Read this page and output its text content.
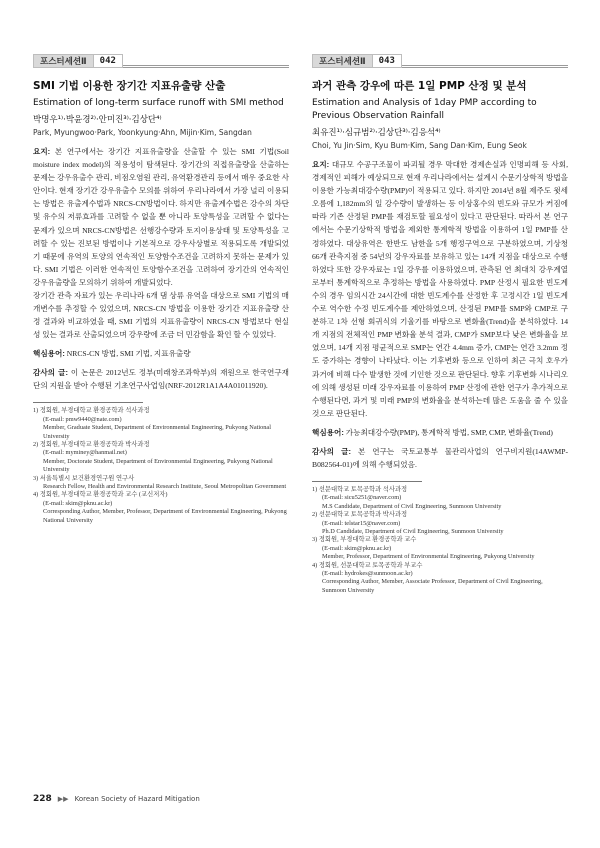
포스터세션Ⅱ	042
SMI 기법 이용한 장기간 지표유출량 산출
Estimation of long-term surface runoff with SMI method
박명우¹⁾·박윤경²⁾·안미진³⁾·김상단⁴⁾
Park, Myungwoo·Park, Yoonkyung·Ahn, Mijin·Kim, Sangdan

요지: 본 연구에서는 장기간 지표유출량을 산출할 수 있는 SMI 기법(Soil moisture index model)의 적용성이 탐색된다. 장기간의 직접유출량을 산출하는 문제는 강우유출수 관리, 비점오염원 관리, 유역환경관리 등에서 매우 중요한 사안이다. 현재 장기간 강우유출수 모의를 위하여 우리나라에서 가장 널리 이용되는 방법은 유출계수법과 NRCS-CN방법이다. 하지만 유출계수법은 강수의 차단 및 유수의 저류효과를 고려할 수 없을 뿐 아니라 토양특성을 고려할 수 없다는 문제가 있으며 NRCS-CN방법은 선행강수량과 토지이용상태 및 토양특성을 고려할 수 있는 진보된 방법이나 기본적으로 강우사상별로 적용되도록 개발되었기 때문에 유역의 토양의 연속적인 토양함수조건을 고려하지 못하는 문제가 있다. SMI 기법은 이러한 연속적인 토양함수조건을 고려하여 장기간의 연속적인 강우유출량을 모의하기 위하여 개발되었다.

장기간 관측 자료가 있는 우리나라 6개 댐 상류 유역을 대상으로 SMI 기법의 매개변수를 추정할 수 있었으며, NRCS-CN 방법을 이용한 장기간 지표유출량 산정 결과와 비교하였을 때, SMI 기법의 지표유출량이 NRCS-CN 방법보다 현실성 있는 결과로 산출되었으며 강우량에 조금 더 민감함을 확인 할 수 있었다.

핵심용어: NRCS-CN 방법, SMI 기법, 지표유출량
감사의 글: 이 논문은 2012년도 정부(미래창조과학부)의 재원으로 한국연구재단의 지원을 받아 수행된 기초연구사업임(NRF-2012R1A1A4A01011920).
1) 정회원, 부경대학교 환경공학과 석사과정
(E-mail: pmw9440@nate.com)
Member, Graduate Student, Department of Environmental Engineering, Pukyong National University
2) 정회원, 부경대학교 환경공학과 박사과정
(E-mail: myminey@hanmail.net)
Member, Doctorate Student, Department of Environmental Engineering, Pukyong National University
3) 서울특별시 보건환경연구원 연구사
Research Fellow, Health and Environmental Research Institute, Seoul Metropolitan Government
4) 정회원, 부경대학교 환경공학과 교수 (교신저자)
(E-mail: skim@pknu.ac.kr)
Corresponding Author, Member, Professor, Department of Environmental Engineering, Pukyong National University
포스터세션Ⅱ	043
과거 관측 강우에 따른 1일 PMP 산정 및 분석
Estimation and Analysis of 1day PMP according to Previous Observation Rainfall
최유진¹⁾·심규범²⁾·김상단³⁾·김응석⁴⁾
Choi, Yu Jin·Sim, Kyu Bum·Kim, Sang Dan·Kim, Eung Seok

요지: 대규모 수공구조물이 파괴될 경우 막대한 경제손실과 인명피해 등 사회, 경제적인 피해가 예상되므로 현재 우리나라에서는 설계시 수문기상학적 방법을 이용한 가능최대강수량(PMP)이 적용되고 있다. 하지만 2014년 8월 제주도 윗세오름에 1,182mm의 일 강수량이 발생하는 등 이상홍수의 빈도와 규모가 커짐에 따라 기존 산정된 PMP를 재검토할 필요성이 있다고 판단된다. 따라서 본 연구에서는 수문기상학적 방법을 제외한 통계학적 방법을 이용하여 1일 PMP를 산정하였다. 대상유역은 한반도 남한을 5개 행정구역으로 구분하였으며, 기상청 66개 관측지점 중 54년의 강우자료를 보유하고 있는 14개 지점을 대상으로 수행하였다 또한 강우자료는 1일 강우를 이용하였으며, 관측된 연 최대치 강우계열로부터 통계학적으로 추정하는 방법을 사용하였다. PMP 산정시 필요한 빈도계수의 경우 임의시간 24시간에 대한 빈도계수를 산정한 후 고정시간 1일 빈도계수로 역수한 수정 빈도계수를 제안하였으며, 산정된 PMP를 SMP와 CMP로 구분하고 1차 선형 회귀식의 기울기를 바탕으로 변화율(Trend)을 분석하였다. 14개 지점의 전체적인 PMP 변화율 분석 결과, CMP가 SMP보다 낮은 변화율을 보였으며, 14개 지점 평균적으로 SMP는 연간 4.4mm 증가, CMP는 연간 3.2mm 정도 증가하는 경향이 나타났다. 이는 기후변화 등으로 인하여 최근 극치 호우가 과거에 비해 다수 발생한 것에 기인한 것으로 판단된다. 향후 기후변화 시나리오에 의해 생성된 미래 강우자료를 이용하여 PMP 산정에 관한 연구가 추가적으로 수행된다면, 과거 및 미래 PMP의 변화율을 분석하는데 많은 도움을 줄 수 있을 것으로 판단된다.

핵심용어: 가능최대강수량(PMP), 통계학적 방법, SMP, CMP, 변화율(Trend)
감사의 글: 본 연구는 국토교통부 물관리사업의 연구비지원(14AWMP-B082564-01)에 의해 수행되었음.
1) 선문대학교 토목공학과 석사과정
(E-mail: sicu5251@naver.com)
M.S Candidate, Department of Civil Engineering, Sunmoon University
2) 선문대학교 토목공학과 박사과정
(E-mail: telstar15@naver.com)
Ph.D Candidate, Department of Civil Engineering, Sunmoon University
3) 정회원, 부경대학교 환경공학과 교수
(E-mail: skim@pknu.ac.kr)
Member, Professor, Department of Environmental Engineering, Pukyong University
4) 정회원, 선문대학교 토목공학과 부교수
(E-mail: hydrokes@sunmoon.ac.kr)
Corresponding Author, Member, Associate Professor, Department of Civil Engineering, Sunmoon University
228 ▶▶ Korean Society of Hazard Mitigation
